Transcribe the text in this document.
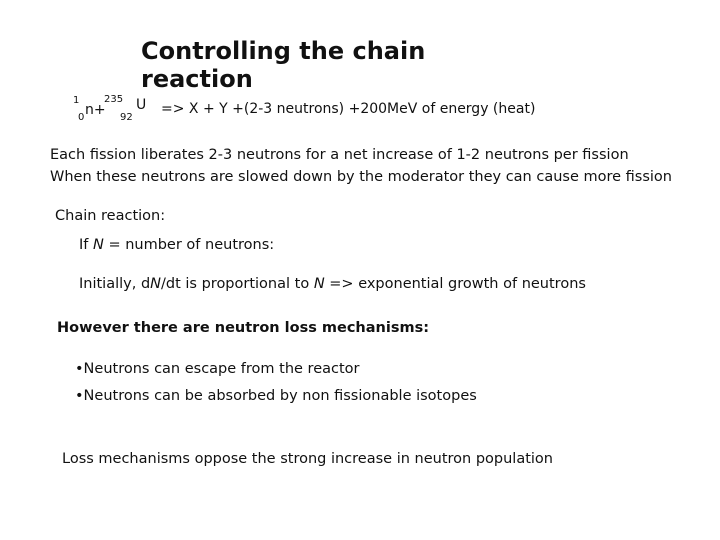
Controlling the chain
reaction
1
0 n+
235
92
U => X + Y +(2-3 neutrons) +200MeV of energy (heat)
Each fission liberates 2-3 neutrons for a net increase of 1-2 neutrons per fission
When these neutrons are slowed down by the moderator they can cause more fission
Chain reaction:
If N = number of neutrons:
Initially, dN/dt is proportional to N => exponential growth of neutrons
However there are neutron loss mechanisms:
•Neutrons can escape from the reactor
•Neutrons can be absorbed by non fissionable isotopes
Loss mechanisms oppose the strong increase in neutron population
